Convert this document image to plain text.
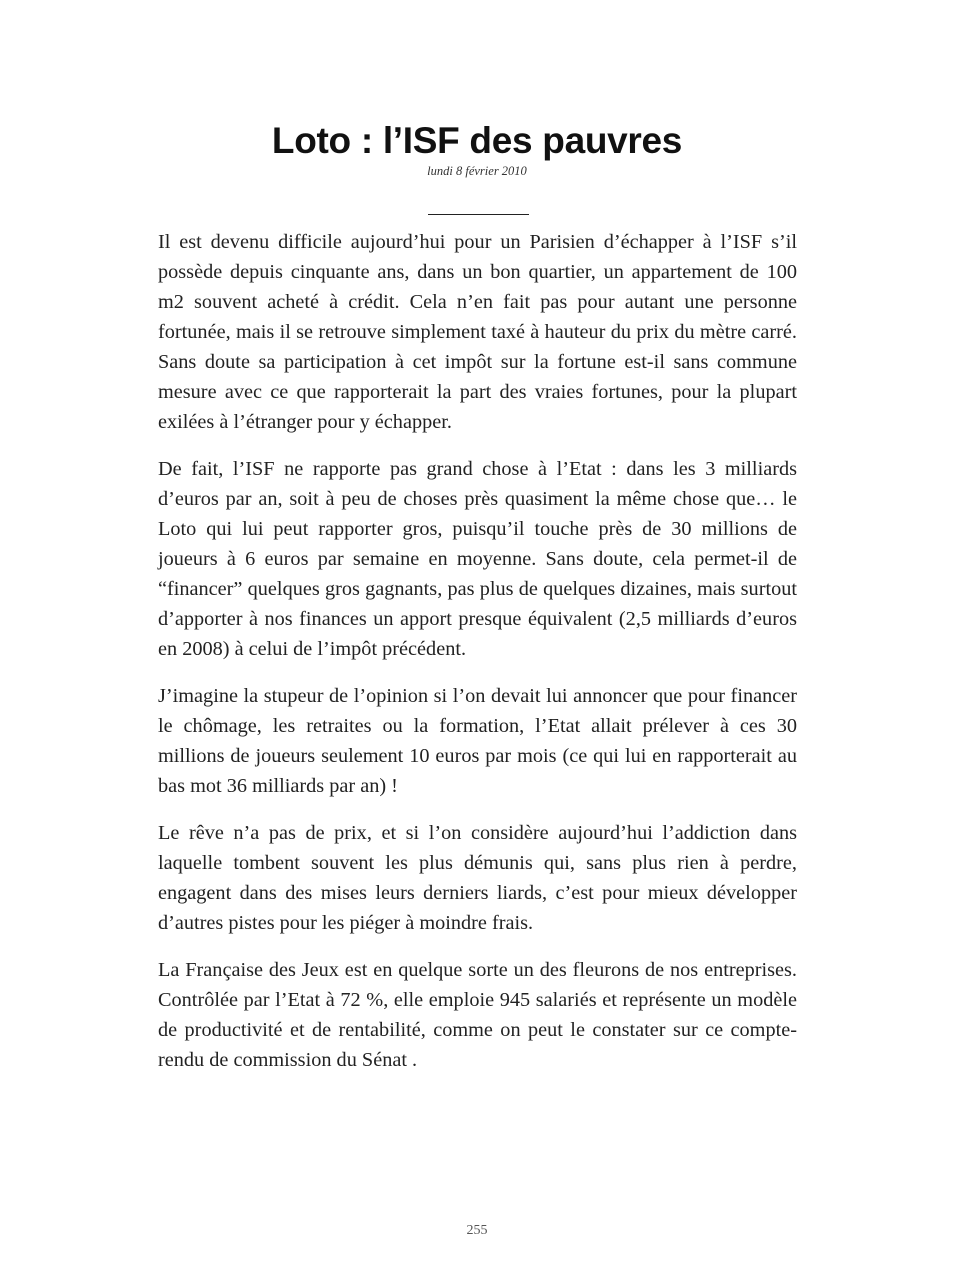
Loto : l’ISF des pauvres
lundi 8 février 2010

Il est devenu difficile aujourd’hui pour un Parisien d’échapper à l’ISF s’il possède depuis cinquante ans, dans un bon quartier, un appartement de 100 m2 souvent acheté à crédit. Cela n’en fait pas pour autant une personne fortunée, mais il se retrouve simplement taxé à hauteur du prix du mètre carré. Sans doute sa participation à cet impôt sur la fortune est-il sans commune mesure avec ce que rapporterait la part des vraies fortunes, pour la plupart exilées à l’étranger pour y échapper.

De fait, l’ISF ne rapporte pas grand chose à l’Etat : dans les 3 milliards d’euros par an, soit à peu de choses près quasiment la même chose que… le Loto qui lui peut rapporter gros, puisqu’il touche près de 30 millions de joueurs à 6 euros par semaine en moyenne. Sans doute, cela permet-il de “financer” quelques gros gagnants, pas plus de quelques dizaines, mais surtout d’apporter à nos finances un apport presque équivalent (2,5 milliards d’euros en 2008) à celui de l’impôt précédent.

J’imagine la stupeur de l’opinion si l’on devait lui annoncer que pour financer le chômage, les retraites ou la formation, l’Etat allait prélever à ces 30 millions de joueurs seulement 10 euros par mois (ce qui lui en rapporterait au bas mot 36 milliards par an) !

Le rêve n’a pas de prix, et si l’on considère aujourd’hui l’addiction dans laquelle tombent souvent les plus démunis qui, sans plus rien à perdre, engagent dans des mises leurs derniers liards, c’est pour mieux développer d’autres pistes pour les piéger à moindre frais.

La Française des Jeux est en quelque sorte un des fleurons de nos entreprises. Contrôlée par l’Etat à 72 %, elle emploie 945 salariés et représente un modèle de productivité et de rentabilité, comme on peut le constater sur ce compte-rendu de commission du Sénat .

255
